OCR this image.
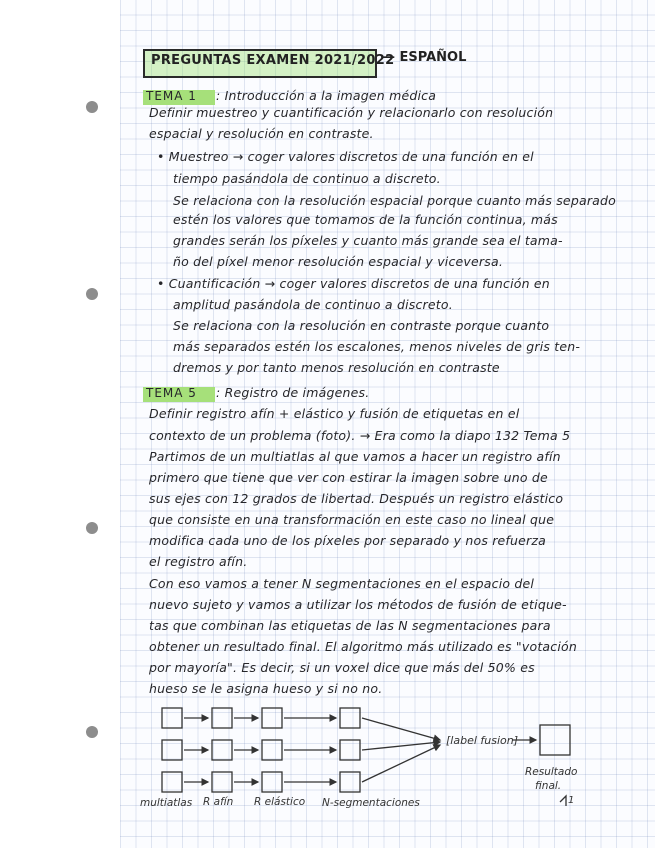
PREGUNTAS EXAMEN 2021/2022
— ESPAÑOL
TEMA 1 : Introducción a la imagen médica
Definir muestreo y cuantificación y relacionarlo con resolución
espacial y resolución en contraste.
• Muestreo → coger valores discretos de una función en el
tiempo pasándola de continuo a discreto.
Se relaciona con la resolución espacial porque cuanto más separado
estén los valores que tomamos de la función continua, más
grandes serán los píxeles y cuanto más grande sea el tama-
ño del píxel menor resolución espacial y viceversa.
• Cuantificación → coger valores discretos de una función en
amplitud pasándola de continuo a discreto.
Se relaciona con la resolución en contraste porque cuanto
más separados estén los escalones, menos niveles de gris ten-
dremos y por tanto menos resolución en contraste
TEMA 5 : Registro de imágenes.
Definir registro afín + elástico y fusión de etiquetas en el
contexto de un problema (foto). → Era como la diapo 132 Tema 5
Partimos de un multiatlas al que vamos a hacer un registro afín
primero que tiene que ver con estirar la imagen sobre uno de
sus ejes con 12 grados de libertad. Después un registro elástico
que consiste en una transformación en este caso no lineal que
modifica cada uno de los píxeles por separado y nos refuerza
el registro afín.
Con eso vamos a tener N segmentaciones en el espacio del
nuevo sujeto y vamos a utilizar los métodos de fusión de etique-
tas que combinan las etiquetas de las N segmentaciones para
obtener un resultado final. El algoritmo más utilizado es "votación
por mayoría". Es decir, si un voxel dice que más del 50% es
hueso se le asigna hueso y si no no.
[label fusion]
Resultado
final.
multiatlas R afín R elástico N-segmentaciones	1
